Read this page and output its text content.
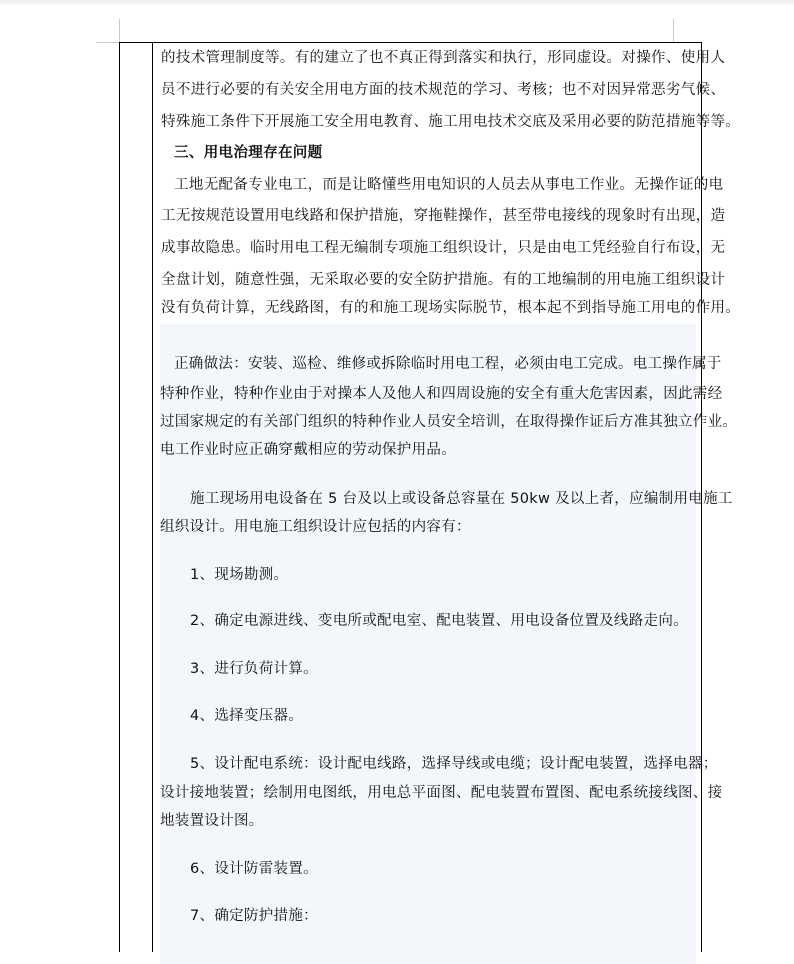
的技术管理制度等。有的建立了也不真正得到落实和执行，形同虚设。对操作、使用人
员不进行必要的有关安全用电方面的技术规范的学习、考核；也不对因异常恶劣气候、
特殊施工条件下开展施工安全用电教育、施工用电技术交底及采用必要的防范措施等等。
三、用电治理存在问题
工地无配备专业电工，而是让略懂些用电知识的人员去从事电工作业。无操作证的电
工无按规范设置用电线路和保护措施，穿拖鞋操作，甚至带电接线的现象时有出现，造
成事故隐患。临时用电工程无编制专项施工组织设计，只是由电工凭经验自行布设，无
全盘计划，随意性强，无采取必要的安全防护措施。有的工地编制的用电施工组织设计
没有负荷计算，无线路图，有的和施工现场实际脱节，根本起不到指导施工用电的作用。
正确做法：安装、巡检、维修或拆除临时用电工程，必须由电工完成。电工操作属于
特种作业，特种作业由于对操本人及他人和四周设施的安全有重大危害因素，因此需经
过国家规定的有关部门组织的特种作业人员安全培训，在取得操作证后方准其独立作业。
电工作业时应正确穿戴相应的劳动保护用品。
施工现场用电设备在 5 台及以上或设备总容量在 50kw 及以上者，应编制用电施工
组织设计。用电施工组织设计应包括的内容有：
1、现场勘测。
2、确定电源进线、变电所或配电室、配电装置、用电设备位置及线路走向。
3、进行负荷计算。
4、选择变压器。
5、设计配电系统：设计配电线路，选择导线或电缆；设计配电装置，选择电器；
设计接地装置；绘制用电图纸，用电总平面图、配电装置布置图、配电系统接线图、接
地装置设计图。
6、设计防雷装置。
7、确定防护措施：
